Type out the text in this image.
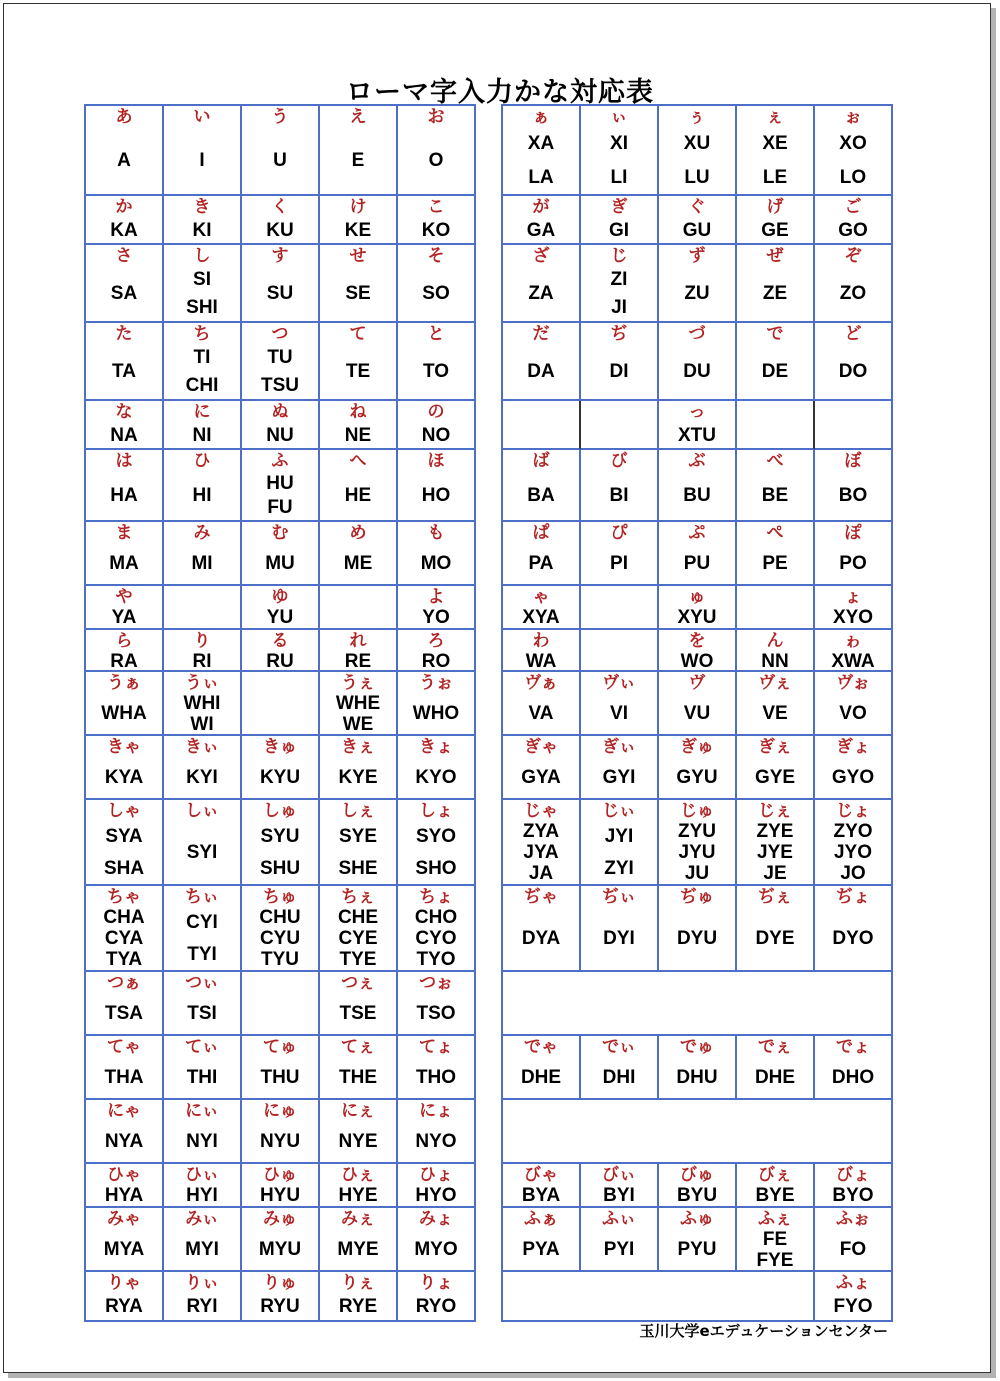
ローマ字入力かな対応表
あ
A
い
I
う
U
え
E
お
O
か
KA
き
KI
く
KU
け
KE
こ
KO
さ
SA
し
SI
SHI
す
SU
せ
SE
そ
SO
た
TA
ち
TI
CHI
つ
TU
TSU
て
TE
と
TO
な
NA
に
NI
ぬ
NU
ね
NE
の
NO
は
HA
ひ
HI
ふ
HU
FU
へ
HE
ほ
HO
ま
MA
み
MI
む
MU
め
ME
も
MO
や
YA
ゆ
YU
よ
YO
ら
RA
り
RI
る
RU
れ
RE
ろ
RO
うぁ
WHA
うぃ
WHI
WI
うぇ
WHE
WE
うぉ
WHO
きゃ
KYA
きぃ
KYI
きゅ
KYU
きぇ
KYE
きょ
KYO
しゃ
SYA
SHA
しぃ
SYI
しゅ
SYU
SHU
しぇ
SYE
SHE
しょ
SYO
SHO
ちゃ
CHA
CYA
TYA
ちぃ
CYI
TYI
ちゅ
CHU
CYU
TYU
ちぇ
CHE
CYE
TYE
ちょ
CHO
CYO
TYO
つぁ
TSA
つぃ
TSI
つぇ
TSE
つぉ
TSO
てゃ
THA
てぃ
THI
てゅ
THU
てぇ
THE
てょ
THO
にゃ
NYA
にぃ
NYI
にゅ
NYU
にぇ
NYE
にょ
NYO
ひゃ
HYA
ひぃ
HYI
ひゅ
HYU
ひぇ
HYE
ひょ
HYO
みゃ
MYA
みぃ
MYI
みゅ
MYU
みぇ
MYE
みょ
MYO
りゃ
RYA
りぃ
RYI
りゅ
RYU
りぇ
RYE
りょ
RYO
ぁ
XA
LA
ぃ
XI
LI
ぅ
XU
LU
ぇ
XE
LE
ぉ
XO
LO
が
GA
ぎ
GI
ぐ
GU
げ
GE
ご
GO
ざ
ZA
じ
ZI
JI
ず
ZU
ぜ
ZE
ぞ
ZO
だ
DA
ぢ
DI
づ
DU
で
DE
ど
DO
っ
XTU
ば
BA
び
BI
ぶ
BU
べ
BE
ぼ
BO
ぱ
PA
ぴ
PI
ぷ
PU
ぺ
PE
ぽ
PO
ゃ
XYA
ゅ
XYU
ょ
XYO
わ
WA
を
WO
ん
NN
ゎ
XWA
ヴぁ
VA
ヴぃ
VI
ヴ
VU
ヴぇ
VE
ヴぉ
VO
ぎゃ
GYA
ぎぃ
GYI
ぎゅ
GYU
ぎぇ
GYE
ぎょ
GYO
じゃ
ZYA
JYA
JA
じぃ
JYI
ZYI
じゅ
ZYU
JYU
JU
じぇ
ZYE
JYE
JE
じょ
ZYO
JYO
JO
ぢゃ
DYA
ぢぃ
DYI
ぢゅ
DYU
ぢぇ
DYE
ぢょ
DYO
でゃ
DHE
でぃ
DHI
でゅ
DHU
でぇ
DHE
でょ
DHO
びゃ
BYA
びぃ
BYI
びゅ
BYU
びぇ
BYE
びょ
BYO
ふぁ
PYA
ふぃ
PYI
ふゅ
PYU
ふぇ
FE
FYE
ふぉ
FO
ふょ
FYO
玉川大学eエデュケーションセンター
